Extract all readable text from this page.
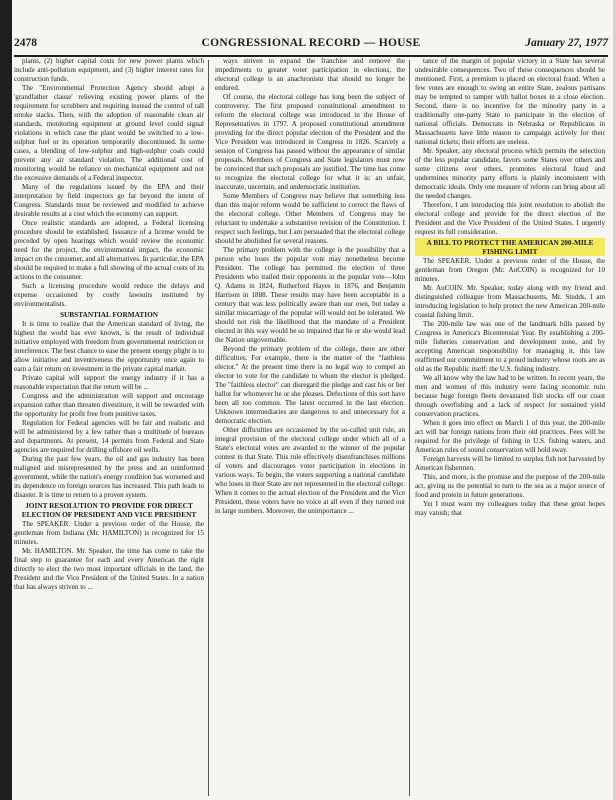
2478	CONGRESSIONAL RECORD — HOUSE	January 27, 1977

plants, (2) higher capital costs for new power plants which include anti-pollution equipment, and (3) higher interest rates for construction funds.

The "Environmental Protection Agency should adopt a 'grandfather clause' relieving existing power plants of the requirement for scrubbers and requiring instead the control of tall smoke stacks. Then, with the adoption of reasonable clean air standards, monitoring equipment at ground level could signal violations in which case the plant would be switched to a low-sulphur fuel or its operation temporarily discontinued. In some cases, a blending of low-sulphur and high-sulphur coals could prevent any air standard violation. The additional cost of monitoring would be reliance on mechanical equipment and not the excessive demands of a Federal inspector.

Many of the regulations issued by the EPA and their interpretation by field inspectors go far beyond the intent of Congress. Standards must be reviewed and modified to achieve desirable results at a cost which the economy can support.

Once realistic standards are adopted, a Federal licensing procedure should be established. Issuance of a license would be preceded by open hearings which would review the economic need for the project, the environmental impact, the economic impact on the consumer, and all alternatives. In particular, the EPA should be required to make a full showing of the actual costs of its actions to the consumer.

Such a licensing procedure would reduce the delays and expense occasioned by costly lawsuits instituted by environmentalists.

SUBSTANTIAL FORMATION

It is time to realize that the American standard of living, the highest the world has ever known, is the result of individual initiative employed with freedom from governmental restriction or interference. The best chance to ease the present energy plight is to allow initiative and inventiveness the opportunity once again to earn a fair return on investment in the private capital market.

Private capital will support the energy industry if it has a reasonable expectation that the return will be ...

Congress and the administration will support and encourage expansion rather than threaten divestiture, it will be rewarded with the opportunity for profit free from punitive taxes.

Regulation for Federal agencies will be fair and realistic and will be administered by a few rather than a multitude of bureaus and departments. At present, 14 permits from Federal and State agencies are required for drilling offshore oil wells.

During the past few years, the oil and gas industry has been maligned and misrepresented by the press and an uninformed government, while the nation's energy condition has worsened and its dependence on foreign sources has increased. This path leads to disaster. It is time to return to a proven system.

JOINT RESOLUTION TO PROVIDE FOR DIRECT ELECTION OF PRESIDENT AND VICE PRESIDENT

The SPEAKER. Under a previous order of the House, the gentleman from Indiana (Mr. HAMILTON) is recognized for 15 minutes.

Mr. HAMILTON. Mr. Speaker, the time has come to take the final step to guarantee for each and every American the right directly to elect the two most important officials in the land, the President and the Vice President of the United States. In a nation that has always striven to ...

ways striven to expand the franchise and remove the impediments to greater voter participation in elections, the electoral college is an anachronism that should no longer be endured.

Of course, the electoral college has long been the subject of controversy. The first proposed constitutional amendment to reform the electoral college was introduced in the House of Representatives in 1797. A proposed constitutional amendment providing for the direct popular election of the President and the Vice President was introduced in Congress in 1826. Scarcely a session of Congress has passed without the appearance of similar proposals. Members of Congress and State legislators must now be convinced that such proposals are justified. The time has come to recognize the electoral college for what it is: an unfair, inaccurate, uncertain, and undemocratic institution.

Some Members of Congress may believe that something less than this major reform would be sufficient to correct the flaws of the electoral college. Other Members of Congress may be reluctant to undertake a substantive revision of the Constitution. I respect such feelings, but I am persuaded that the electoral college should be abolished for several reasons.

The primary problem with the college is the possibility that a person who loses the popular vote may nonetheless become President. The college has permitted the election of three Presidents who trailed their opponents in the popular vote—John Q. Adams in 1824, Rutherford Hayes in 1876, and Benjamin Harrison in 1888. These results may have been acceptable in a century that was less politically aware than our own, but today a similar miscarriage of the popular will would not be tolerated. We should not risk the likelihood that the mandate of a President elected in this way would be so impaired that he or she would lead the Nation ungovernable.

Beyond the primary problem of the college, there are other difficulties. For example, there is the matter of the "faithless elector." At the present time there is no legal way to compel an elector to vote for the candidate to whom the elector is pledged. The "faithless elector" can disregard the pledge and cast his or her ballot for whomever he or she pleases. Defections of this sort have been all too common. The latest occurred in the last election. Unknown intermediaries are dangerous to and unnecessary for a democratic election.

Other difficulties are occasioned by the so-called unit rule, an integral provision of the electoral college under which all of a State's electoral votes are awarded to the winner of the popular contest in that State. This rule effectively disenfranchises millions of voters and discourages voter participation in elections in various ways. To begin, the voters supporting a national candidate who loses in their State are not represented in the electoral college. When it comes to the actual election of the President and the Vice President, these voters have no voice at all even if they turned out in large numbers. Moreover, the unimportance ...

tance of the margin of popular victory in a State has several undesirable consequences. Two of these consequences should be mentioned. First, a premium is placed on electoral fraud. When a few votes are enough to swing an entire State, zealous partisans may be tempted to tamper with ballot boxes in a close election. Second, there is no incentive for the minority party in a traditionally one-party State to participate in the election of national officials. Democrats in Nebraska or Republicans in Massachusetts have little reason to campaign actively for their national tickets; their efforts are useless.

Mr. Speaker, any electoral process which permits the selection of the less popular candidate, favors some States over others and some citizens over others, promotes electoral fraud and undermines minority party efforts is plainly inconsistent with democratic ideals. Only one measure of reform can bring about all the needed changes.

Therefore, I am introducing this joint resolution to abolish the electoral college and provide for the direct election of the President and the Vice President of the United States. I urgently request its full consideration.

A BILL TO PROTECT THE AMERICAN 200-MILE FISHING LIMIT

The SPEAKER. Under a previous order of the House, the gentleman from Oregon (Mr. AuCOIN) is recognized for 10 minutes.

Mr. AuCOIN. Mr. Speaker, today along with my friend and distinguished colleague from Massachusetts, Mr. Studds, I am introducing legislation to help protect the new American 200-mile coastal fishing limit.

The 200-mile law was one of the landmark bills passed by Congress in America's Bicentennial Year. By establishing a 200-mile fisheries conservation and development zone, and by accepting American responsibility for managing it, this law reaffirmed our commitment to a proud industry whose roots are as old as the Republic itself: the U.S. fishing industry.

We all know why the law had to be written. In recent years, the men and women of this industry were facing economic ruin because huge foreign fleets devastated fish stocks off our coast through overfishing and a lack of respect for sustained yield conservation practices.

When it goes into effect on March 1 of this year, the 200-mile act will bar foreign nations from their old practices. Fees will be required for the privilege of fishing in U.S. fishing waters, and American rules of sound conservation will hold sway.

Foreign harvests will be limited to surplus fish not harvested by American fishermen.

This, and more, is the promise and the purpose of the 200-mile act, giving us the potential to turn to the sea as a major source of food and protein in future generations.

Yet I must warn my colleagues today that these great hopes may vanish; that
